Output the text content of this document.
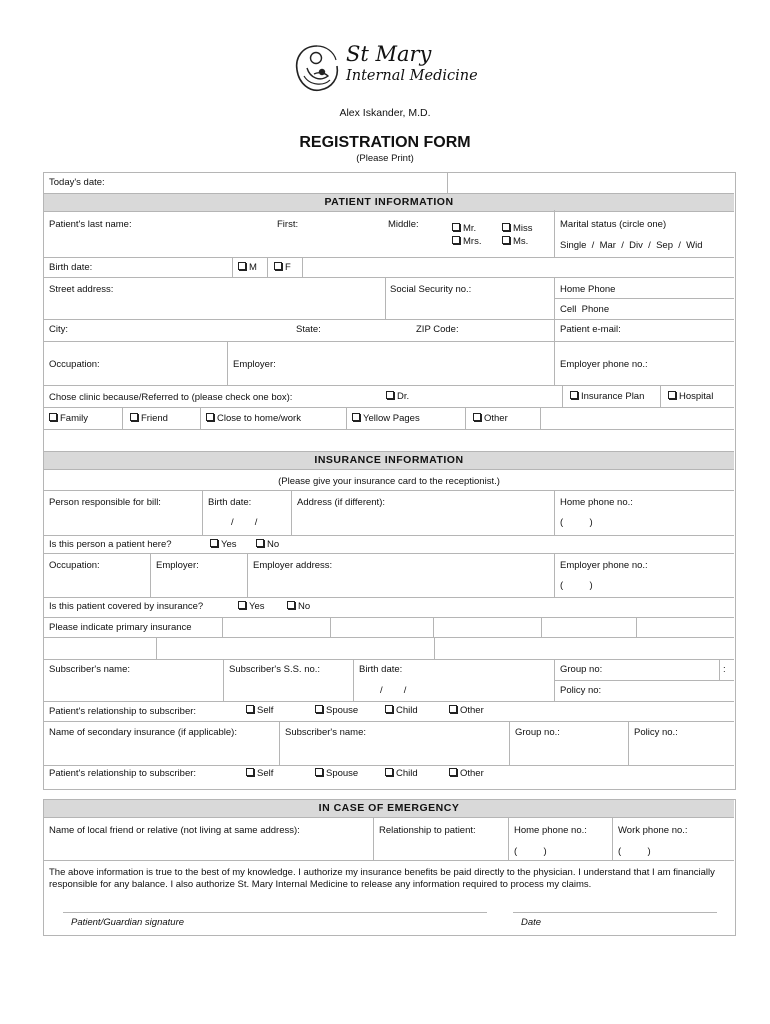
St Mary
Internal Medicine
Alex Iskander, M.D.
REGISTRATION FORM
(Please Print)
Today's date:
PATIENT INFORMATION
Patient's last name:	First:	Middle:	Mr.
Mrs.
Miss
Ms.
Marital status (circle one)
Single  /  Mar  /  Div  /  Sep  /  Wid
Birth date:	M	F
Street address:	Social Security no.:	Home Phone
Cell  Phone
City:	State:	ZIP Code:	Patient e-mail:
Occupation:	Employer:	Employer phone no.:
Chose clinic because/Referred to (please check one box):	Dr.	Insurance Plan	Hospital
Family	Friend	Close to home/work	Yellow Pages	Other
INSURANCE INFORMATION
(Please give your insurance card to the receptionist.)
Person responsible for bill:	Birth date:
/        /
Address (if different):	Home phone no.:
(          )
Is this person a patient here?	Yes	No
Occupation:	Employer:	Employer address:	Employer phone no.:
(          )
Is this patient covered by insurance?	Yes	No
Please indicate primary insurance
Subscriber's name:	Subscriber's S.S. no.:	Birth date:
/        /
Group no:	:
Policy no:
Patient's relationship to subscriber:	Self	Spouse	Child	Other
Name of secondary insurance (if applicable):	Subscriber's name:	Group no.:	Policy no.:
Patient's relationship to subscriber:	Self	Spouse	Child	Other
IN CASE OF EMERGENCY
Name of local friend or relative (not living at same address):	Relationship to patient:	Home phone no.:
(          )
Work phone no.:
(          )
The above information is true to the best of my knowledge. I authorize my insurance benefits be paid directly to the physician. I understand that I am financially responsible for any balance. I also authorize St. Mary Internal Medicine to release any information required to process my claims.
Patient/Guardian signature	Date
